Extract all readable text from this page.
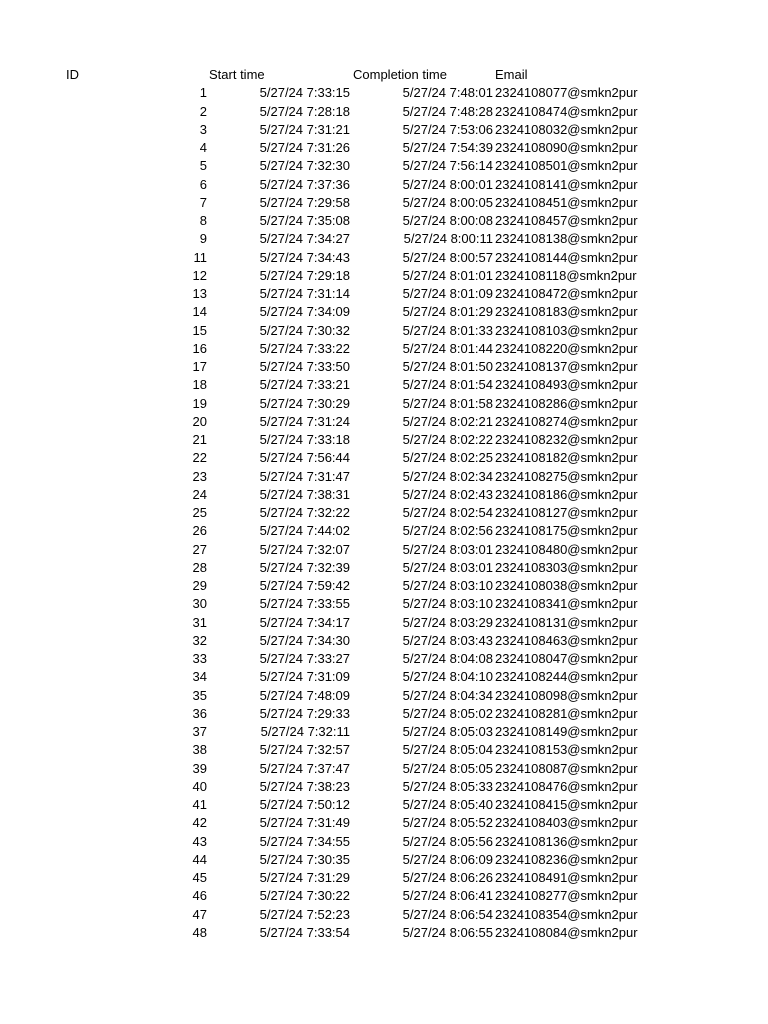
ID	Start time	Completion time	Email
1	5/27/24 7:33:15	5/27/24 7:48:01 2324108077@smkn2pur
2	5/27/24 7:28:18	5/27/24 7:48:28 2324108474@smkn2pur
3	5/27/24 7:31:21	5/27/24 7:53:06 2324108032@smkn2pur
4	5/27/24 7:31:26	5/27/24 7:54:39 2324108090@smkn2pur
5	5/27/24 7:32:30	5/27/24 7:56:14 2324108501@smkn2pur
6	5/27/24 7:37:36	5/27/24 8:00:01 2324108141@smkn2pur
7	5/27/24 7:29:58	5/27/24 8:00:05 2324108451@smkn2pur
8	5/27/24 7:35:08	5/27/24 8:00:08 2324108457@smkn2pur
9	5/27/24 7:34:27	5/27/24 8:00:11 2324108138@smkn2pur
11	5/27/24 7:34:43	5/27/24 8:00:57 2324108144@smkn2pur
12	5/27/24 7:29:18	5/27/24 8:01:01 2324108118@smkn2pur
13	5/27/24 7:31:14	5/27/24 8:01:09 2324108472@smkn2pur
14	5/27/24 7:34:09	5/27/24 8:01:29 2324108183@smkn2pur
15	5/27/24 7:30:32	5/27/24 8:01:33 2324108103@smkn2pur
16	5/27/24 7:33:22	5/27/24 8:01:44 2324108220@smkn2pur
17	5/27/24 7:33:50	5/27/24 8:01:50 2324108137@smkn2pur
18	5/27/24 7:33:21	5/27/24 8:01:54 2324108493@smkn2pur
19	5/27/24 7:30:29	5/27/24 8:01:58 2324108286@smkn2pur
20	5/27/24 7:31:24	5/27/24 8:02:21 2324108274@smkn2pur
21	5/27/24 7:33:18	5/27/24 8:02:22 2324108232@smkn2pur
22	5/27/24 7:56:44	5/27/24 8:02:25 2324108182@smkn2pur
23	5/27/24 7:31:47	5/27/24 8:02:34 2324108275@smkn2pur
24	5/27/24 7:38:31	5/27/24 8:02:43 2324108186@smkn2pur
25	5/27/24 7:32:22	5/27/24 8:02:54 2324108127@smkn2pur
26	5/27/24 7:44:02	5/27/24 8:02:56 2324108175@smkn2pur
27	5/27/24 7:32:07	5/27/24 8:03:01 2324108480@smkn2pur
28	5/27/24 7:32:39	5/27/24 8:03:01 2324108303@smkn2pur
29	5/27/24 7:59:42	5/27/24 8:03:10 2324108038@smkn2pur
30	5/27/24 7:33:55	5/27/24 8:03:10 2324108341@smkn2pur
31	5/27/24 7:34:17	5/27/24 8:03:29 2324108131@smkn2pur
32	5/27/24 7:34:30	5/27/24 8:03:43 2324108463@smkn2pur
33	5/27/24 7:33:27	5/27/24 8:04:08 2324108047@smkn2pur
34	5/27/24 7:31:09	5/27/24 8:04:10 2324108244@smkn2pur
35	5/27/24 7:48:09	5/27/24 8:04:34 2324108098@smkn2pur
36	5/27/24 7:29:33	5/27/24 8:05:02 2324108281@smkn2pur
37	5/27/24 7:32:11	5/27/24 8:05:03 2324108149@smkn2pur
38	5/27/24 7:32:57	5/27/24 8:05:04 2324108153@smkn2pur
39	5/27/24 7:37:47	5/27/24 8:05:05 2324108087@smkn2pur
40	5/27/24 7:38:23	5/27/24 8:05:33 2324108476@smkn2pur
41	5/27/24 7:50:12	5/27/24 8:05:40 2324108415@smkn2pur
42	5/27/24 7:31:49	5/27/24 8:05:52 2324108403@smkn2pur
43	5/27/24 7:34:55	5/27/24 8:05:56 2324108136@smkn2pur
44	5/27/24 7:30:35	5/27/24 8:06:09 2324108236@smkn2pur
45	5/27/24 7:31:29	5/27/24 8:06:26 2324108491@smkn2pur
46	5/27/24 7:30:22	5/27/24 8:06:41 2324108277@smkn2pur
47	5/27/24 7:52:23	5/27/24 8:06:54 2324108354@smkn2pur
48	5/27/24 7:33:54	5/27/24 8:06:55 2324108084@smkn2pur
